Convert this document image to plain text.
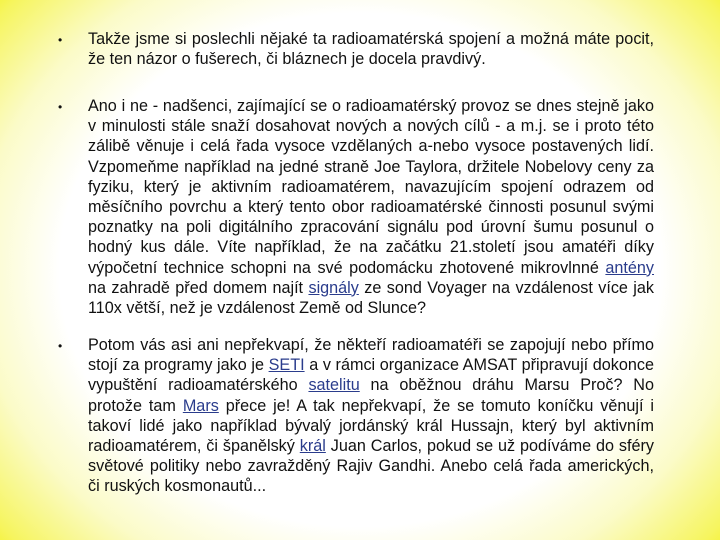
• Takže jsme si poslechli nějaké ta radioamatérská spojení a možná máte pocit, že ten názor o fušerech, či bláznech je docela pravdivý.

• Ano i ne - nadšenci, zajímající se o radioamatérský provoz se dnes stejně jako v minulosti stále snaží dosahovat nových a nových cílů - a m.j. se i proto této zálibě věnuje i celá řada vysoce vzdělaných a-nebo vysoce postavených lidí. Vzpomeňme například na jedné straně Joe Taylora, držitele Nobelovy ceny za fyziku, který je aktivním radioamatérem, navazujícím spojení odrazem od měsíčního povrchu a který tento obor radioamatérské činnosti posunul svými poznatky na poli digitálního zpracování signálu pod úrovní šumu posunul o hodný kus dále. Víte například, že na začátku 21.století jsou amatéři díky výpočetní technice schopni na své podomácku zhotovené mikrovlnné antény na zahradě před domem najít signály ze sond Voyager na vzdálenost více jak 110x větší, než je vzdálenost Země od Slunce?

• Potom vás asi ani nepřekvapí, že někteří radioamatéři se zapojují nebo přímo stojí za programy jako je SETI a v rámci organizace AMSAT připravují dokonce vypuštění radioamatérského satelitu na oběžnou dráhu Marsu Proč? No protože tam Mars přece je! A tak nepřekvapí, že se tomuto koníčku věnují i takoví lidé jako například bývalý jordánský král Hussajn, který byl aktivním radioamatérem, či španělský král Juan Carlos, pokud se už podíváme do sféry světové politiky nebo zavražděný Rajiv Gandhi. Anebo celá řada amerických, či ruských kosmonautů...
